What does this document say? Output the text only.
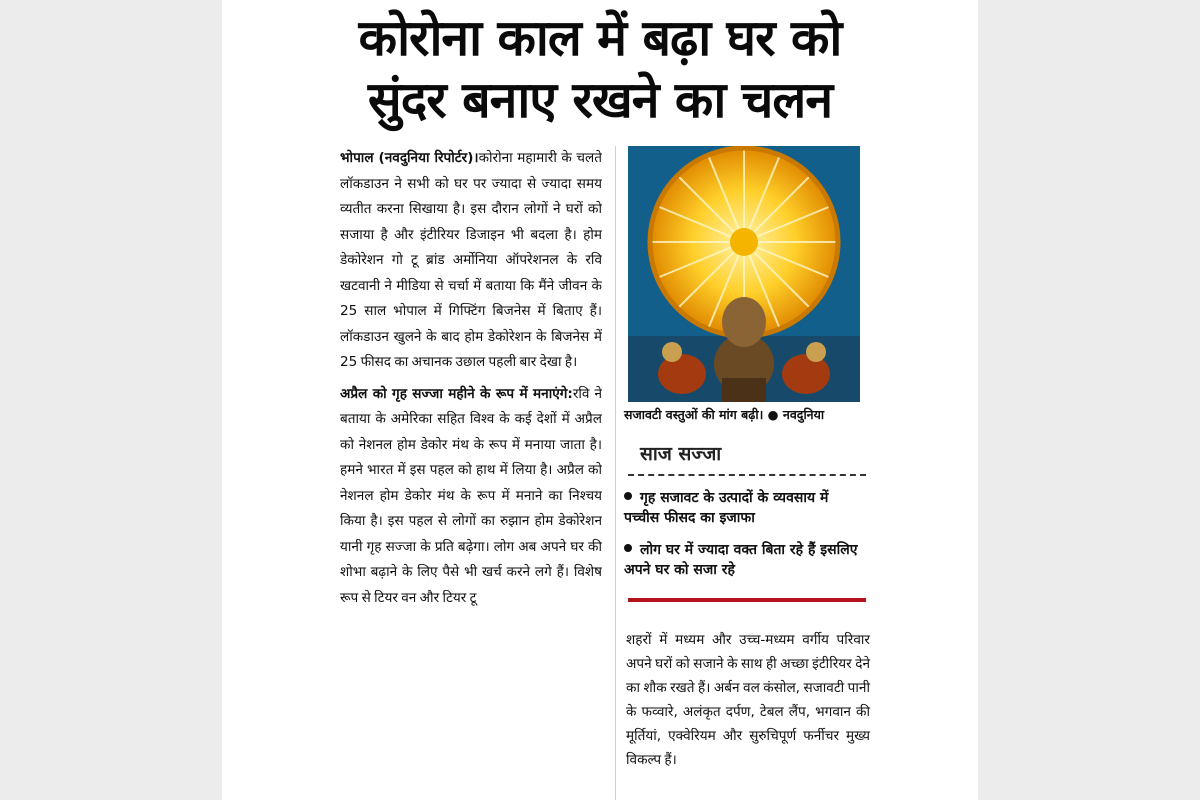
कोरोना काल में बढ़ा घर को
सुंदर बनाए रखने का चलन

भोपाल (नवदुनिया रिपोर्टर)।कोरोना महामारी के चलते लॉकडाउन ने सभी को घर पर ज्यादा से ज्यादा समय व्यतीत करना सिखाया है। इस दौरान लोगों ने घरों को सजाया है और इंटीरियर डिजाइन भी बदला है। होम डेकोरेशन गो टू ब्रांड अर्मोनिया ऑपरेशनल के रवि खटवानी ने मीडिया से चर्चा में बताया कि मैंने जीवन के 25 साल भोपाल में गिफ्टिंग बिजनेस में बिताए हैं। लॉकडाउन खुलने के बाद होम डेकोरेशन के बिजनेस में 25 फीसद का अचानक उछाल पहली बार देखा है।

अप्रैल को गृह सज्जा महीने के रूप में मनाएंगे:रवि ने बताया के अमेरिका सहित विश्व के कई देशों में अप्रैल को नेशनल होम डेकोर मंथ के रूप में मनाया जाता है। हमने भारत में इस पहल को हाथ में लिया है। अप्रैल को नेशनल होम डेकोर मंथ के रूप में मनाने का निश्चय किया है। इस पहल से लोगों का रुझान होम डेकोरेशन यानी गृह सज्जा के प्रति बढ़ेगा। लोग अब अपने घर की शोभा बढ़ाने के लिए पैसे भी खर्च करने लगे हैं। विशेष रूप से टियर वन और टियर टू

सजावटी वस्तुओं की मांग बढ़ी। ● नवदुनिया
साज सज्जा
गृह सजावट के उत्पादों के व्यवसाय में पच्चीस फीसद का इजाफा
लोग घर में ज्यादा वक्त बिता रहे हैं इसलिए अपने घर को सजा रहे

शहरों में मध्यम और उच्च-मध्यम वर्गीय परिवार अपने घरों को सजाने के साथ ही अच्छा इंटीरियर देने का शौक रखते हैं। अर्बन वल कंसोल, सजावटी पानी के फव्वारे, अलंकृत दर्पण, टेबल लैंप, भगवान की मूर्तियां, एक्वेरियम और सुरुचिपूर्ण फर्नीचर मुख्य विकल्प हैं।
